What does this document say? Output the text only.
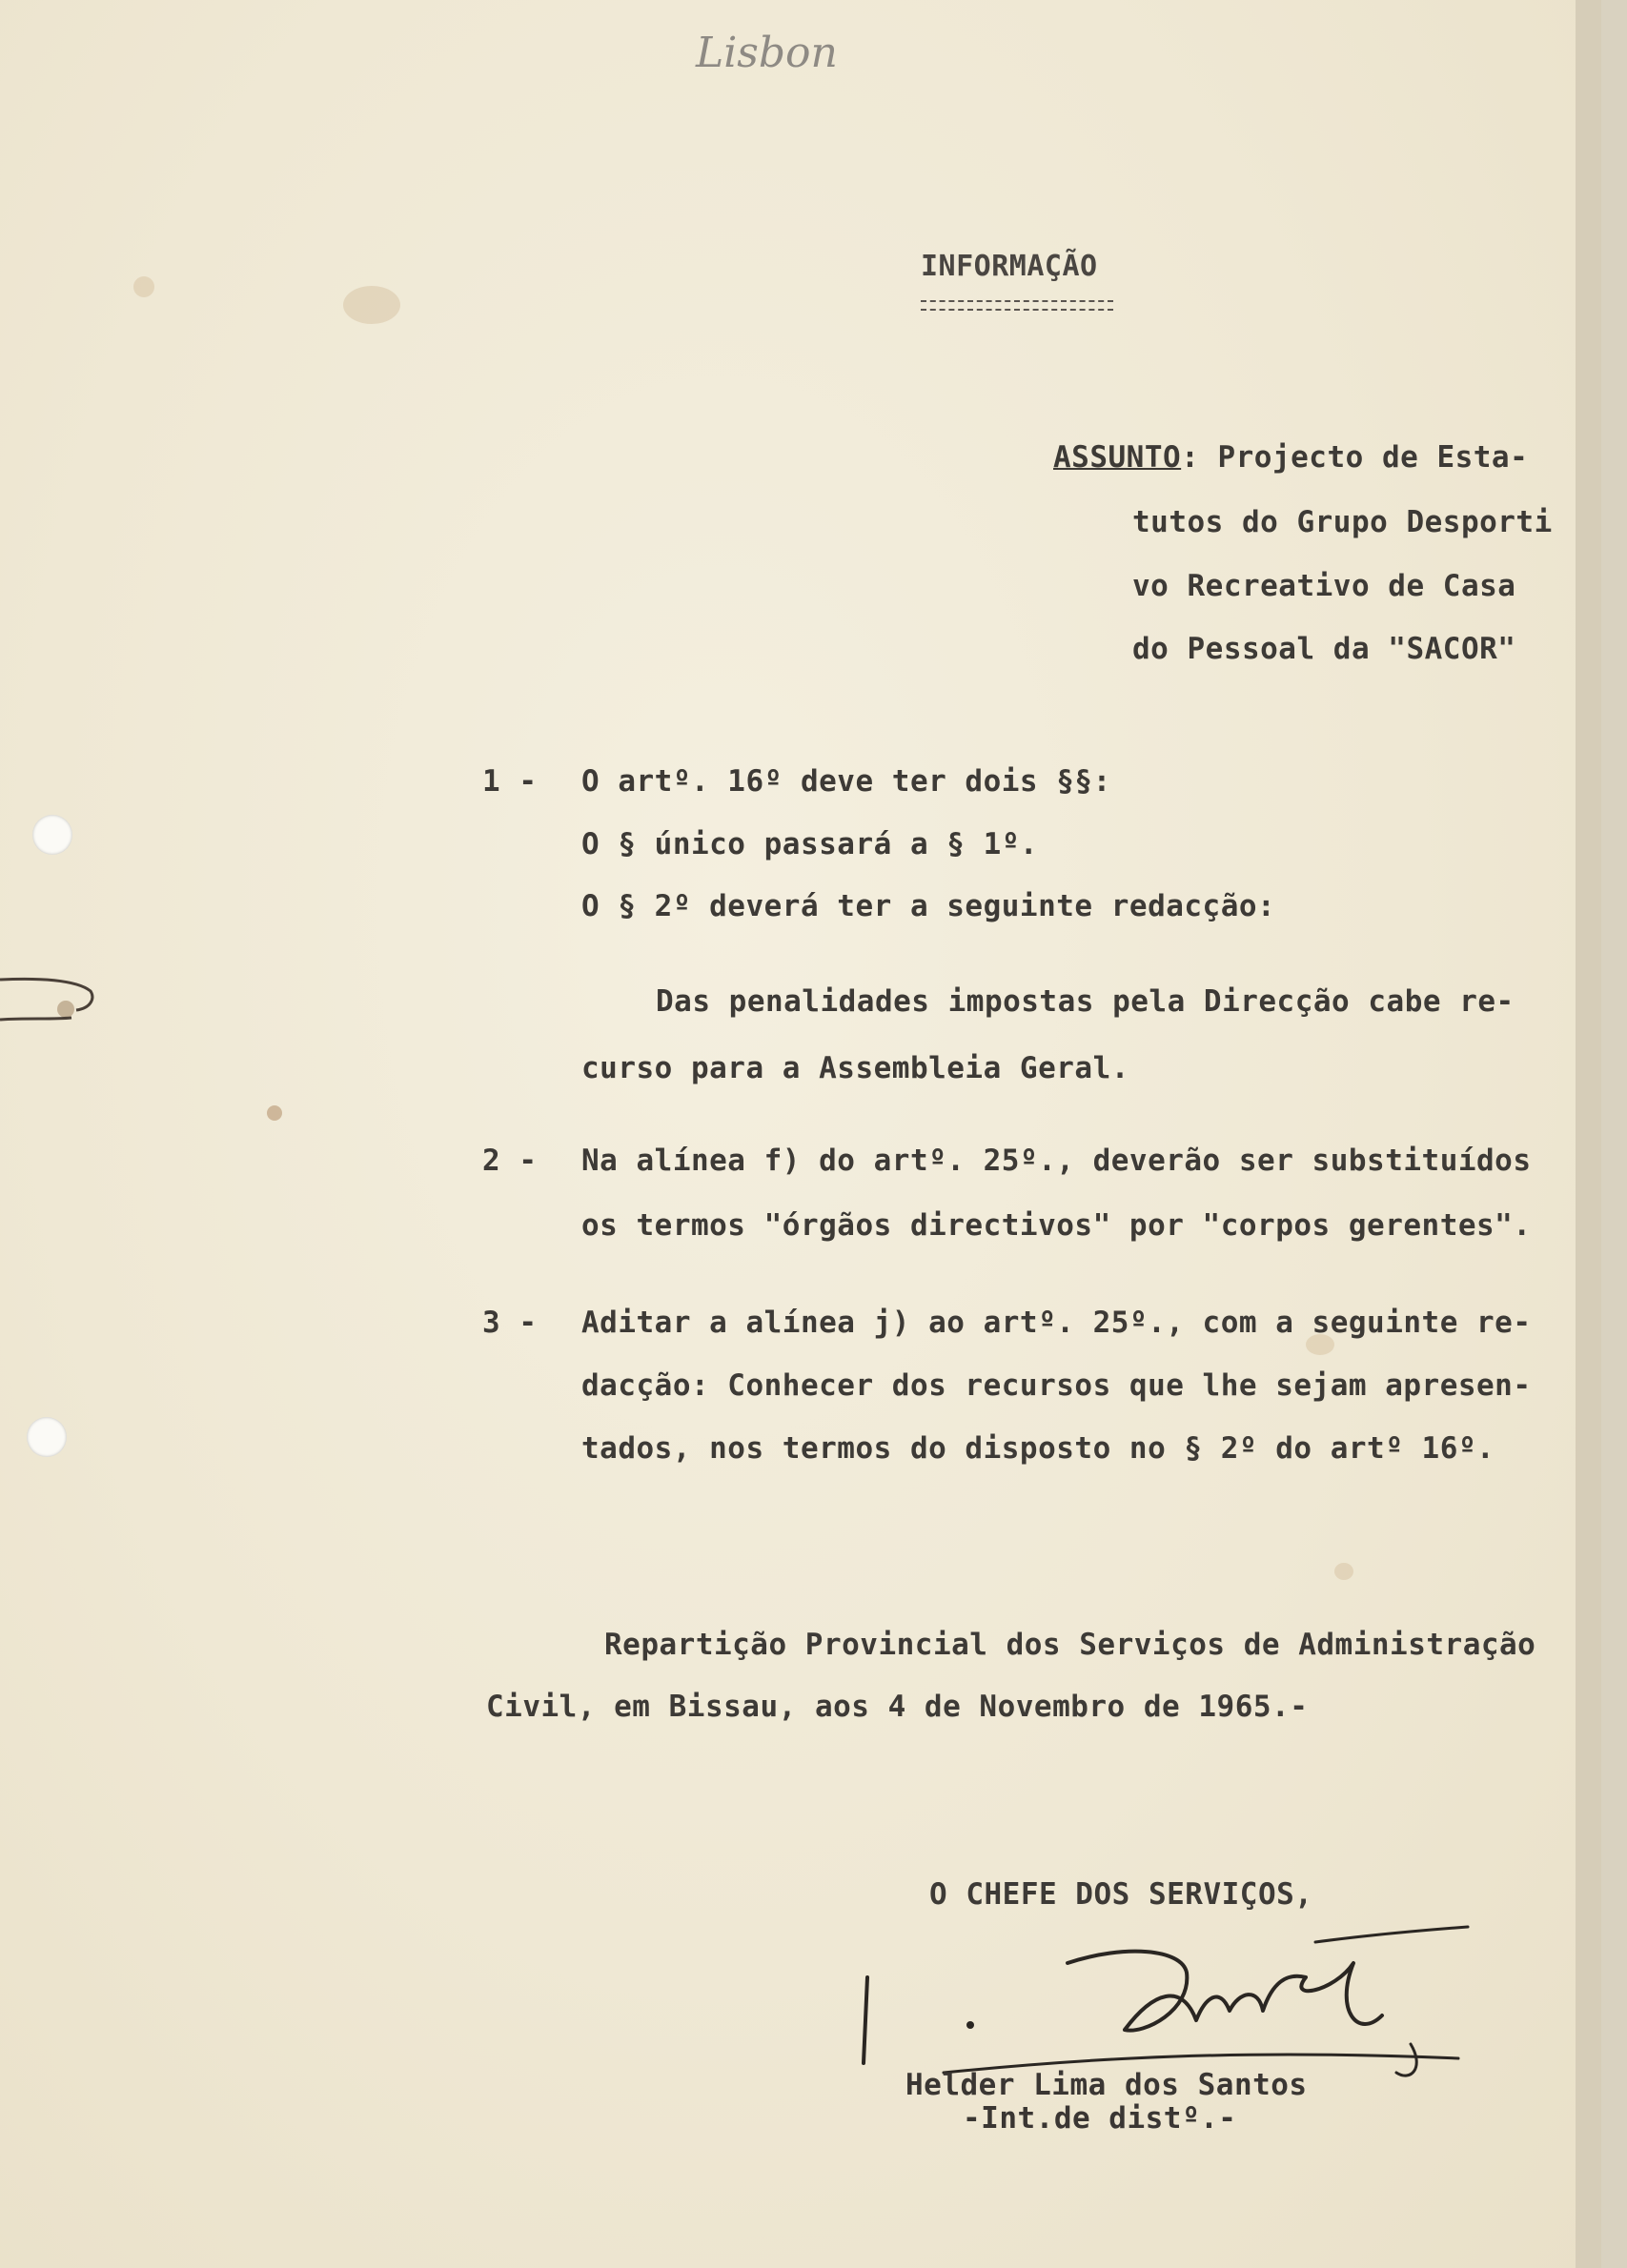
Lisbon
INFORMAÇÃO
ASSUNTO: Projecto de Esta-
tutos do Grupo Desporti
vo Recreativo de Casa
do Pessoal da "SACOR"
1 - O artº. 16º deve ter dois §§:
O § único passará a § 1º.
O § 2º deverá ter a seguinte redacção:
Das penalidades impostas pela Direcção cabe re-
curso para a Assembleia Geral.
2 - Na alínea f) do artº. 25º., deverão ser substituídos
os termos "órgãos directivos" por "corpos gerentes".
3 - Aditar a alínea j) ao artº. 25º., com a seguinte re-
dacção: Conhecer dos recursos que lhe sejam apresen-
tados, nos termos do disposto no § 2º do artº 16º.
Repartição Provincial dos Serviços de Administração
Civil, em Bissau, aos 4 de Novembro de 1965.-
O CHEFE DOS SERVIÇOS,
Helder Lima dos Santos
-Int.de distº.-
